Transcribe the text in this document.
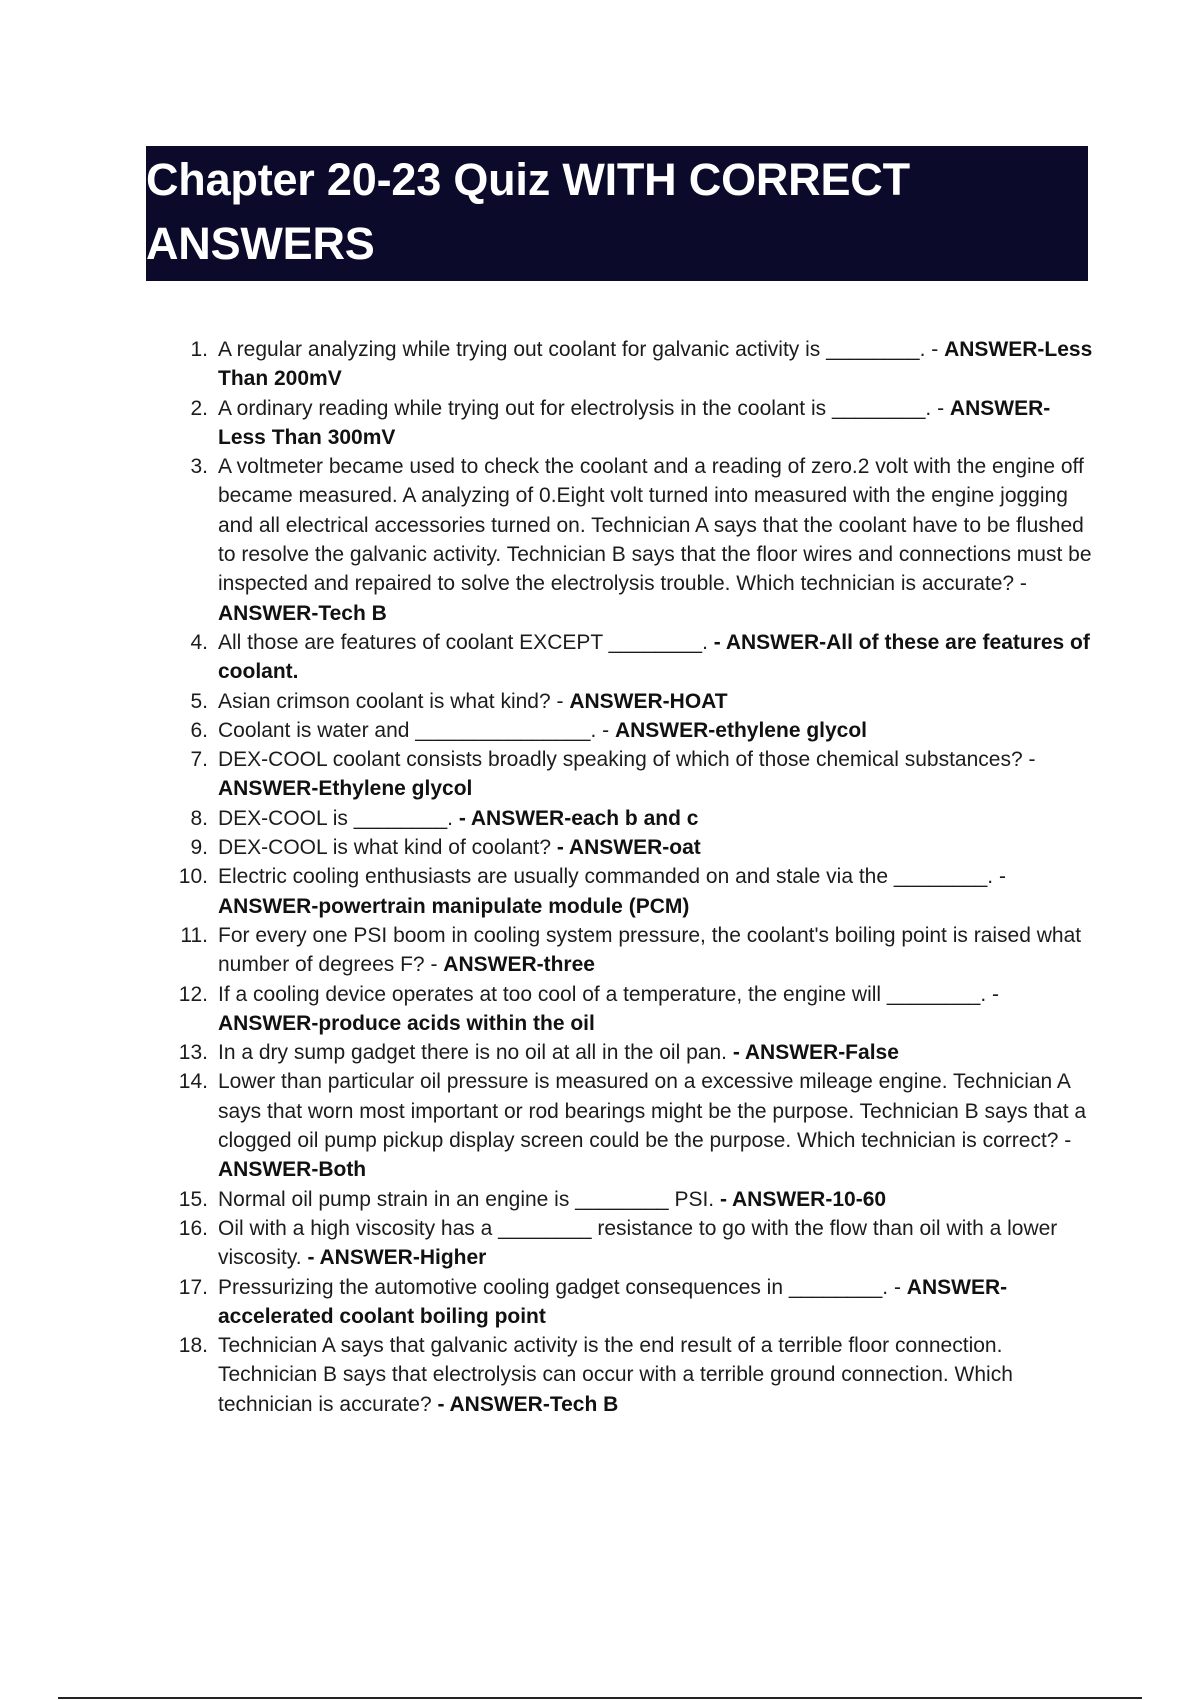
Chapter 20-23 Quiz WITH CORRECT ANSWERS
1. A regular analyzing while trying out coolant for galvanic activity is ________. - ANSWER-Less Than 200mV
2. A ordinary reading while trying out for electrolysis in the coolant is ________. - ANSWER-Less Than 300mV
3. A voltmeter became used to check the coolant and a reading of zero.2 volt with the engine off became measured. A analyzing of 0.Eight volt turned into measured with the engine jogging and all electrical accessories turned on. Technician A says that the coolant have to be flushed to resolve the galvanic activity. Technician B says that the floor wires and connections must be inspected and repaired to solve the electrolysis trouble. Which technician is accurate? - ANSWER-Tech B
4. All those are features of coolant EXCEPT ________. - ANSWER-All of these are features of coolant.
5. Asian crimson coolant is what kind? - ANSWER-HOAT
6. Coolant is water and _______________. - ANSWER-ethylene glycol
7. DEX-COOL coolant consists broadly speaking of which of those chemical substances? - ANSWER-Ethylene glycol
8. DEX-COOL is ________. - ANSWER-each b and c
9. DEX-COOL is what kind of coolant? - ANSWER-oat
10. Electric cooling enthusiasts are usually commanded on and stale via the ________. - ANSWER-powertrain manipulate module (PCM)
11. For every one PSI boom in cooling system pressure, the coolant's boiling point is raised what number of degrees F? - ANSWER-three
12. If a cooling device operates at too cool of a temperature, the engine will ________. - ANSWER-produce acids within the oil
13. In a dry sump gadget there is no oil at all in the oil pan. - ANSWER-False
14. Lower than particular oil pressure is measured on a excessive mileage engine. Technician A says that worn most important or rod bearings might be the purpose. Technician B says that a clogged oil pump pickup display screen could be the purpose. Which technician is correct? - ANSWER-Both
15. Normal oil pump strain in an engine is ________ PSI. - ANSWER-10-60
16. Oil with a high viscosity has a ________ resistance to go with the flow than oil with a lower viscosity. - ANSWER-Higher
17. Pressurizing the automotive cooling gadget consequences in ________. - ANSWER-accelerated coolant boiling point
18. Technician A says that galvanic activity is the end result of a terrible floor connection. Technician B says that electrolysis can occur with a terrible ground connection. Which technician is accurate? - ANSWER-Tech B
